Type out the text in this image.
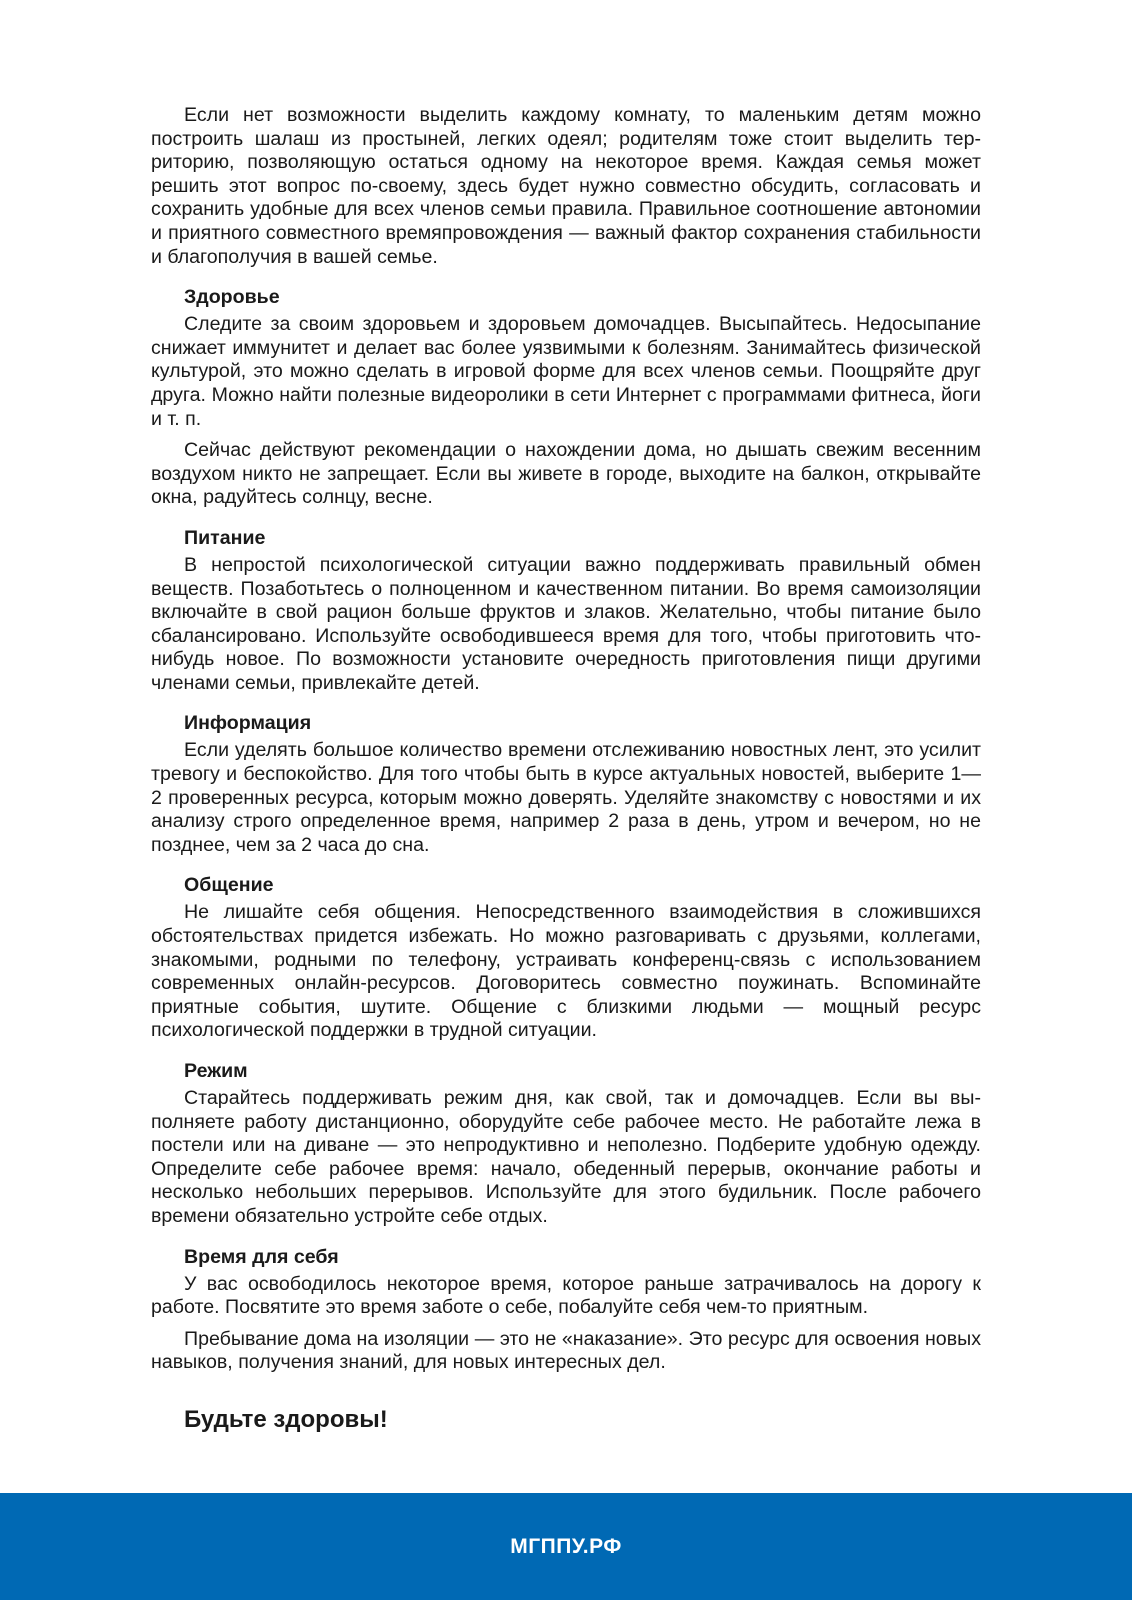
Если нет возможности выделить каждому комнату, то маленьким детям можно построить шалаш из простыней, легких одеял; родителям тоже стоит выделить территорию, позволяющую остаться одному на некоторое время. Каждая семья может решить этот вопрос по-своему, здесь будет нужно совместно обсудить, согласовать и сохранить удобные для всех членов семьи правила. Правильное соотношение автономии и приятного совместного времяпровождения — важный фактор сохранения стабильности и благополучия в вашей семье.

Здоровье

Следите за своим здоровьем и здоровьем домочадцев. Высыпайтесь. Недосыпание снижает иммунитет и делает вас более уязвимыми к болезням. Занимайтесь физической культурой, это можно сделать в игровой форме для всех членов семьи. Поощряйте друг друга. Можно найти полезные видеоролики в сети Интернет с программами фитнеса, йоги и т. п.

Сейчас действуют рекомендации о нахождении дома, но дышать свежим весенним воздухом никто не запрещает. Если вы живете в городе, выходите на балкон, открывайте окна, радуйтесь солнцу, весне.

Питание

В непростой психологической ситуации важно поддерживать правильный обмен веществ. Позаботьтесь о полноценном и качественном питании. Во время самоизоляции включайте в свой рацион больше фруктов и злаков. Желательно, чтобы питание было сбалансировано. Используйте освободившееся время для того, чтобы приготовить что-нибудь новое. По возможности установите очередность приготовления пищи другими членами семьи, привлекайте детей.

Информация

Если уделять большое количество времени отслеживанию новостных лент, это усилит тревогу и беспокойство. Для того чтобы быть в курсе актуальных новостей, выберите 1—2 проверенных ресурса, которым можно доверять. Уделяйте знакомству с новостями и их анализу строго определенное время, например 2 раза в день, утром и вечером, но не позднее, чем за 2 часа до сна.

Общение

Не лишайте себя общения. Непосредственного взаимодействия в сложившихся обстоятельствах придется избежать. Но можно разговаривать с друзьями, коллегами, знакомыми, родными по телефону, устраивать конференц-связь с использованием современных онлайн-ресурсов. Договоритесь совместно поужинать. Вспоминайте приятные события, шутите. Общение с близкими людьми — мощный ресурс психологической поддержки в трудной ситуации.

Режим

Старайтесь поддерживать режим дня, как свой, так и домочадцев. Если вы выполняете работу дистанционно, оборудуйте себе рабочее место. Не работайте лежа в постели или на диване — это непродуктивно и неполезно. Подберите удобную одежду. Определите себе рабочее время: начало, обеденный перерыв, окончание работы и несколько небольших перерывов. Используйте для этого будильник. После рабочего времени обязательно устройте себе отдых.

Время для себя

У вас освободилось некоторое время, которое раньше затрачивалось на дорогу к работе. Посвятите это время заботе о себе, побалуйте себя чем-то приятным.

Пребывание дома на изоляции — это не «наказание». Это ресурс для освоения новых навыков, получения знаний, для новых интересных дел.

Будьте здоровы!
МГППУ.РФ
